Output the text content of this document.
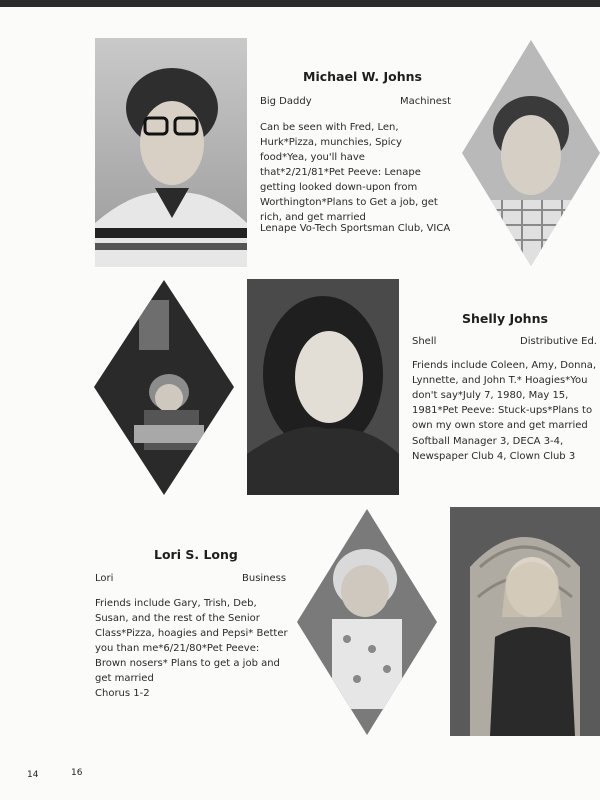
Michael W. Johns
Big Daddy	Machinest
Can be seen with Fred, Len,
Hurk*Pizza, munchies, Spicy
food*Yea, you'll have
that*2/21/81*Pet Peeve: Lenape
getting looked down-upon from
Worthington*Plans to Get a job, get
rich, and get married
Lenape Vo-Tech Sportsman Club, VICA
Shelly Johns
Shell	Distributive Ed.
Friends include Coleen, Amy, Donna,
Lynnette, and John T.* Hoagies*You
don't say*July 7, 1980, May 15,
1981*Pet Peeve: Stuck-ups*Plans to
own my own store and get married
Softball Manager 3, DECA 3-4,
Newspaper Club 4, Clown Club 3
Lori S. Long
Lori	Business
Friends include Gary, Trish, Deb,
Susan, and the rest of the Senior
Class*Pizza, hoagies and Pepsi* Better
you than me*6/21/80*Pet Peeve:
Brown nosers* Plans to get a job and
get married
Chorus 1-2
14	16
